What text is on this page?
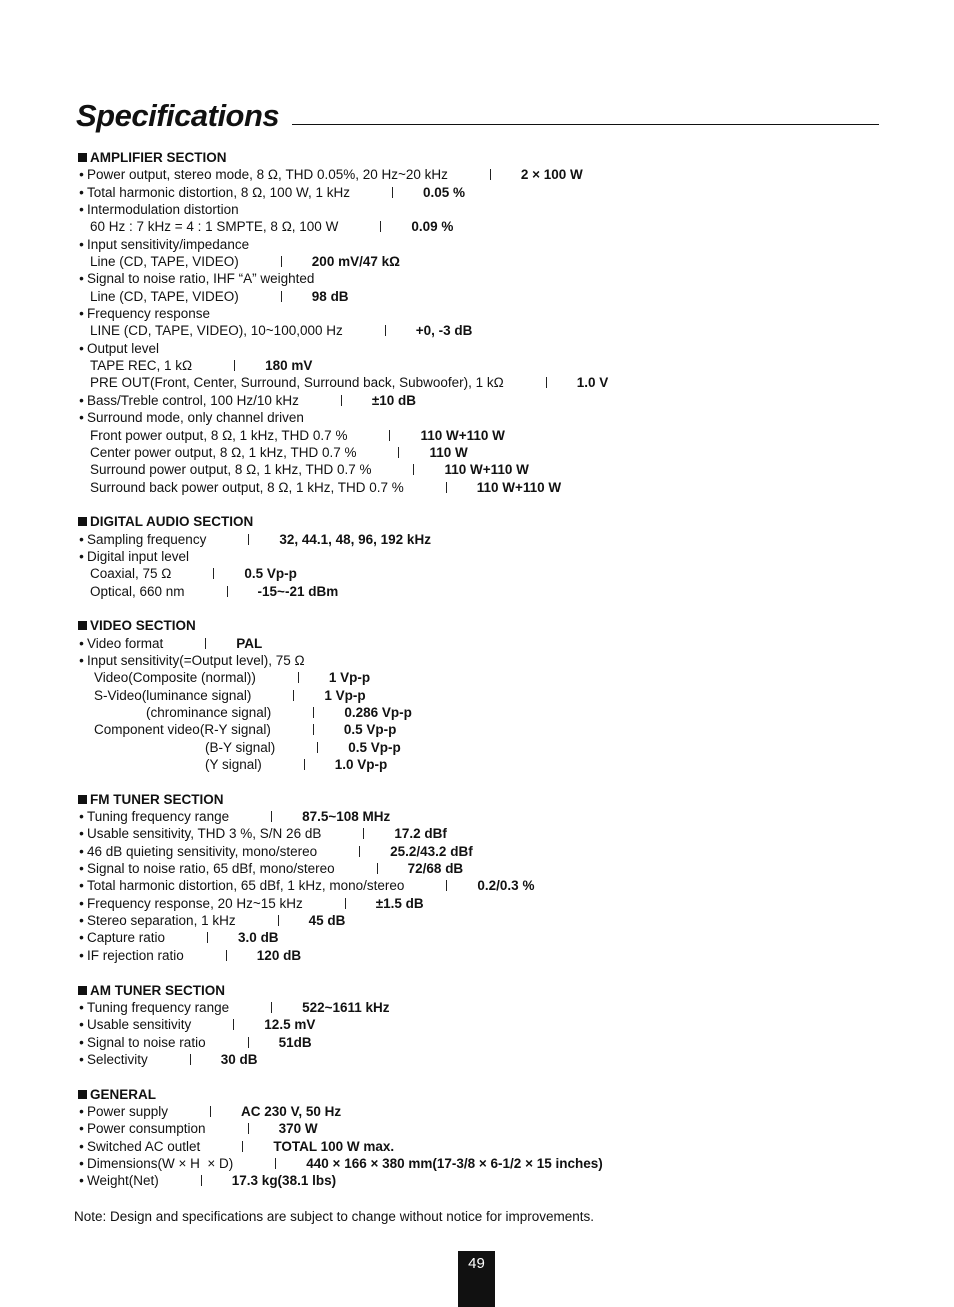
Specifications
AMPLIFIER SECTION
• Power output, stereo mode, 8 Ω, THD 0.05%, 20 Hz~20 kHz	2 × 100 W
• Total harmonic distortion, 8 Ω, 100 W, 1 kHz	0.05 %
• Intermodulation distortion
60 Hz : 7 kHz = 4 : 1 SMPTE, 8 Ω, 100 W	0.09 %
• Input sensitivity/impedance
Line (CD, TAPE, VIDEO)	200 mV/47 kΩ
• Signal to noise ratio, IHF “A” weighted
Line (CD, TAPE, VIDEO)	98 dB
• Frequency response
LINE (CD, TAPE, VIDEO), 10~100,000 Hz	+0, -3 dB
• Output level
TAPE REC, 1 kΩ	180 mV
PRE OUT(Front, Center, Surround, Surround back, Subwoofer), 1 kΩ	1.0 V
• Bass/Treble control, 100 Hz/10 kHz	±10 dB
• Surround mode, only channel driven
Front power output, 8 Ω, 1 kHz, THD 0.7 %	110 W+110 W
Center power output, 8 Ω, 1 kHz, THD 0.7 %	110 W
Surround power output, 8 Ω, 1 kHz, THD 0.7 %	110 W+110 W
Surround back power output, 8 Ω, 1 kHz, THD 0.7 %	110 W+110 W
DIGITAL AUDIO SECTION
• Sampling frequency	32, 44.1, 48, 96, 192 kHz
• Digital input level
Coaxial, 75 Ω	0.5 Vp-p
Optical, 660 nm	-15~-21 dBm
VIDEO SECTION
• Video format	PAL
• Input sensitivity(=Output level), 75 Ω
Video(Composite (normal))	1 Vp-p
S-Video(luminance signal)	1 Vp-p
(chrominance signal)	0.286 Vp-p
Component video(R-Y signal)	0.5 Vp-p
(B-Y signal)	0.5 Vp-p
(Y signal)	1.0 Vp-p
FM TUNER SECTION
• Tuning frequency range	87.5~108 MHz
• Usable sensitivity, THD 3 %, S/N 26 dB	17.2 dBf
• 46 dB quieting sensitivity, mono/stereo	25.2/43.2 dBf
• Signal to noise ratio, 65 dBf, mono/stereo	72/68 dB
• Total harmonic distortion, 65 dBf, 1 kHz, mono/stereo	0.2/0.3 %
• Frequency response, 20 Hz~15 kHz	±1.5 dB
• Stereo separation, 1 kHz	45 dB
• Capture ratio	3.0 dB
• IF rejection ratio	120 dB
AM TUNER SECTION
• Tuning frequency range	522~1611 kHz
• Usable sensitivity	12.5 mV
• Signal to noise ratio	51dB
• Selectivity	30 dB
GENERAL
• Power supply	AC 230 V, 50 Hz
• Power consumption	370 W
• Switched AC outlet	TOTAL 100 W max.
• Dimensions(W × H  × D)	440 × 166 × 380 mm(17-3/8 × 6-1/2 × 15 inches)
• Weight(Net)	17.3 kg(38.1 lbs)
Note: Design and specifications are subject to change without notice for improvements.
49
